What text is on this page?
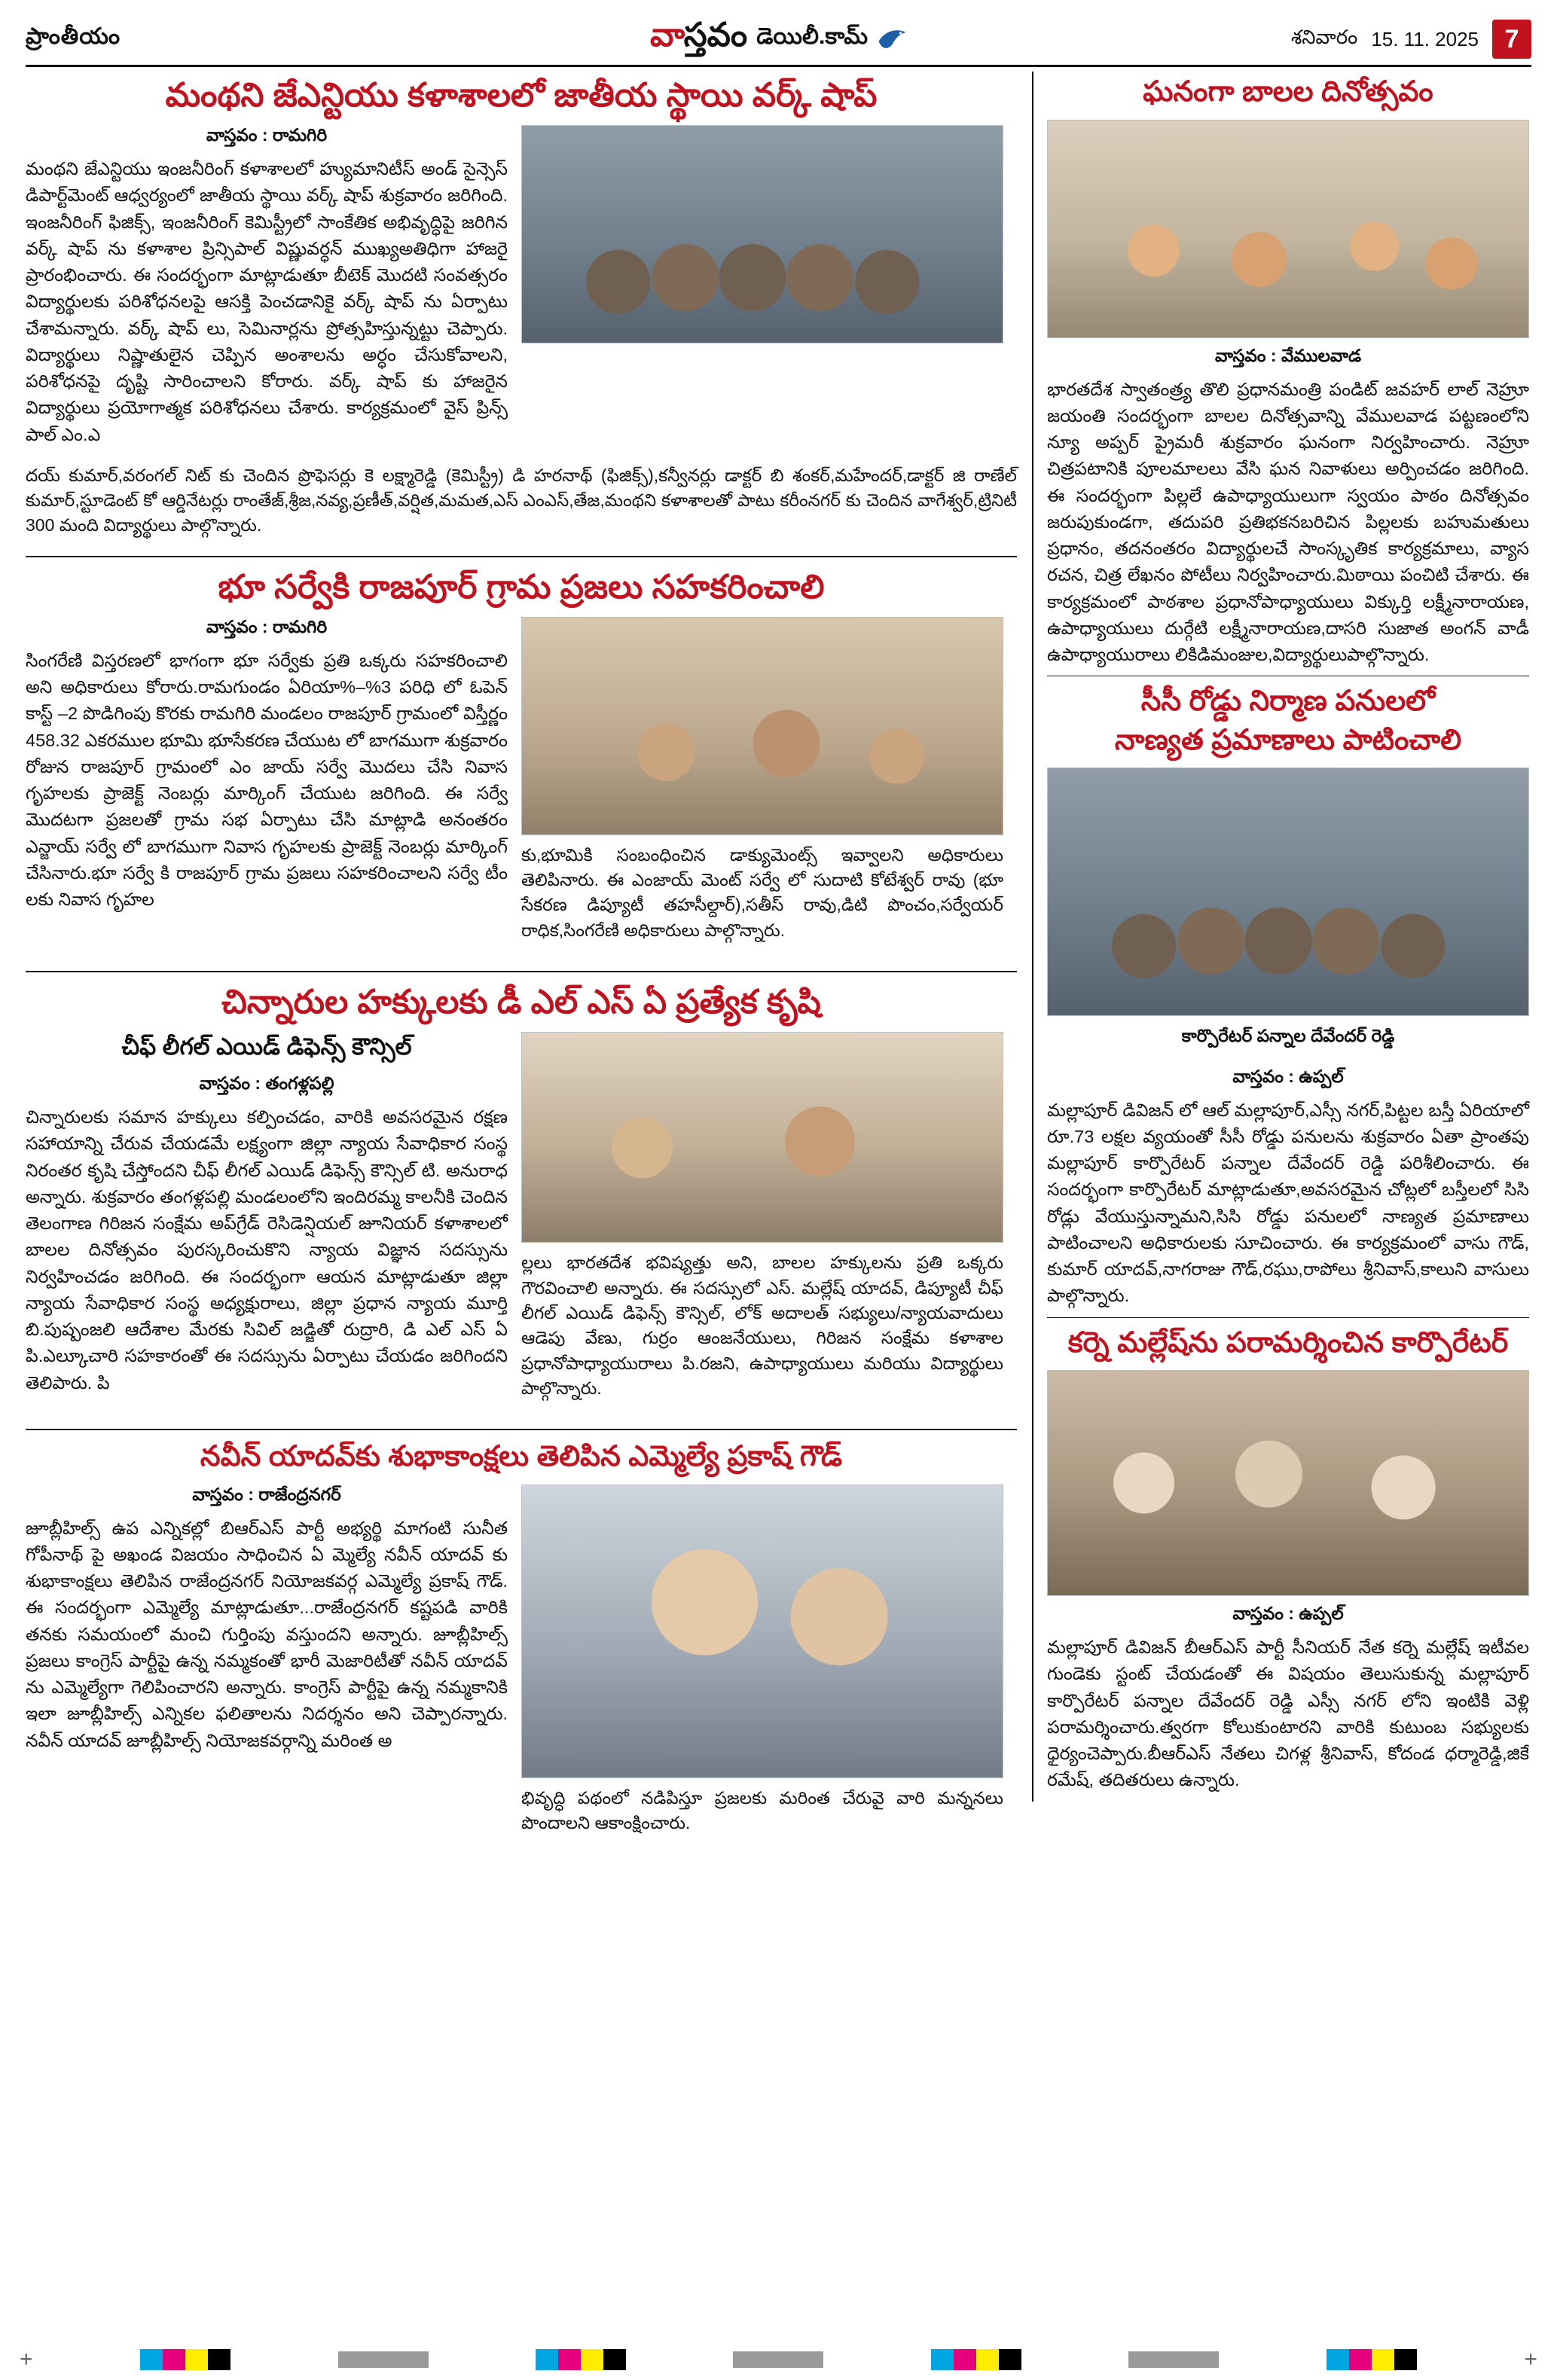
ప్రాంతీయం	వాస్తవం డెయిలీ.కామ్	శనివారం 15. 11. 2025	7
మంథని జేఎన్టియు కళాశాలలో జాతీయ స్థాయి వర్క్ షాప్
వాస్తవం : రామగిరి

మంథని జేఎన్టియు ఇంజనీరింగ్ కళాశాలలో హ్యుమానిటీస్ అండ్ సైన్సెస్ డిపార్ట్‌మెంట్ ఆధ్వర్యంలో జాతీయ స్థాయి వర్క్ షాప్ శుక్రవారం జరిగింది. ఇంజనీరింగ్ ఫిజిక్స్, ఇంజనీరింగ్ కెమిస్ట్రీలో సాంకేతిక అభివృద్ధిపై జరిగిన వర్క్ షాప్ ను కళాశాల ప్రిన్సిపాల్ విష్ణువర్ధన్ ముఖ్యఅతిధిగా హాజరై ప్రారంభించారు. ఈ సందర్భంగా మాట్లాడుతూ బీటెక్ మొదటి సంవత్సరం విద్యార్థులకు పరిశోధనలపై ఆసక్తి పెంచడానికై వర్క్ షాప్ ను ఏర్పాటు చేశామన్నారు. వర్క్ షాప్ లు, సెమినార్లను ప్రోత్సహిస్తున్నట్టు చెప్పారు. విద్యార్థులు నిష్ణాతులైన చెప్పిన అంశాలను అర్ధం చేసుకోవాలని, పరిశోధనపై దృష్టి సారించాలని కోరారు. వర్క్ షాప్ కు హాజరైన విద్యార్థులు ప్రయోగాత్మక పరిశోధనలు చేశారు. కార్యక్రమంలో వైస్ ప్రిన్స్ పాల్ ఎం.ఎ

దయ్ కుమార్,వరంగల్ నిట్ కు చెందిన ప్రొఫెసర్లు కె లక్ష్మారెడ్డి (కెమిస్ట్రీ) డి హరనాథ్ (ఫిజిక్స్),కన్వీనర్లు డాక్టర్ బి శంకర్,మహేందర్,డాక్టర్ జి రాణేల్ కుమార్,స్టూడెంట్ కో ఆర్డినేటర్లు రాంతేజ్,శ్రీజ,నవ్య,ప్రణీత్,వర్షిత,మమత,ఎస్ ఎంఎస్,తేజ,మంథని కళాశాలతో పాటు కరీంనగర్ కు చెందిన వాగేశ్వర్,ట్రినిటీ 300 మంది విద్యార్థులు పాల్గొన్నారు.

భూ సర్వేకి రాజపూర్ గ్రామ ప్రజలు సహకరించాలి
వాస్తవం : రామగిరి

సింగరేణి విస్తరణలో భాగంగా భూ సర్వేకు ప్రతి ఒక్కరు సహకరించాలి అని అధికారులు కోరారు.రామగుండం ఏరియా%–%3 పరిధి లో ఓపెన్ కాస్ట్ –2 పొడిగింపు కొరకు రామగిరి మండలం రాజపూర్ గ్రామంలో విస్తీర్ణం 458.32 ఎకరముల భూమి భూసేకరణ చేయుట లో బాగముగా శుక్రవారం రోజున రాజపూర్ గ్రామంలో ఎం జాయ్ సర్వే మొదలు చేసి నివాస గృహలకు ప్రాజెక్ట్ నెంబర్లు మార్కింగ్ చేయుట జరిగింది. ఈ సర్వే మొదటగా ప్రజలతో గ్రామ సభ ఏర్పాటు చేసి మాట్లాడి అనంతరం ఎన్జాయ్ సర్వే లో బాగముగా నివాస గృహలకు ప్రాజెక్ట్ నెంబర్లు మార్కింగ్ చేసినారు.భూ సర్వే కి రాజపూర్ గ్రామ ప్రజలు సహకరించాలని సర్వే టీం లకు నివాస గృహల

కు,భూమికి సంబంధించిన డాక్యుమెంట్స్ ఇవ్వాలని అధికారులు తెలిపినారు. ఈ ఎంజాయ్ మెంట్ సర్వే లో సుదాటి కోటేశ్వర్ రావు (భూ సేకరణ డిప్యూటీ తహసీల్దార్),సతీస్ రావు,డిటి పొంచం,సర్వేయర్ రాధిక,సింగరేణి అధికారులు పాల్గొన్నారు.

చిన్నారుల హక్కులకు డీ ఎల్ ఎస్ ఏ ప్రత్యేక కృషి
చీఫ్ లీగల్ ఎయిడ్ డిఫెన్స్ కౌన్సిల్
వాస్తవం : తంగళ్లపల్లి

చిన్నారులకు సమాన హక్కులు కల్పించడం, వారికి అవసరమైన రక్షణ సహాయాన్ని చేరువ చేయడమే లక్ష్యంగా జిల్లా న్యాయ సేవాధికార సంస్థ నిరంతర కృషి చేస్తోందని చీఫ్ లీగల్ ఎయిడ్ డిఫెన్స్ కౌన్సిల్ టి. అనురాధ అన్నారు. శుక్రవారం తంగళ్లపల్లి మండలంలోని ఇందిరమ్మ కాలనీకి చెందిన తెలంగాణ గిరిజన సంక్షేమ అప్‌గ్రేడ్ రెసిడెన్షియల్ జూనియర్ కళాశాలలో బాలల దినోత్సవం పురస్కరించుకొని న్యాయ విజ్ఞాన సదస్సును నిర్వహించడం జరిగింది. ఈ సందర్భంగా ఆయన మాట్లాడుతూ జిల్లా న్యాయ సేవాధికార సంస్థ అధ్యక్షురాలు, జిల్లా ప్రధాన న్యాయ మూర్తి బి.పుష్పంజలి ఆదేశాల మేరకు సివిల్ జడ్జితో రుద్రారి, డి ఎల్ ఎస్ ఏ పి.ఎల్కూచారి సహకారంతో ఈ సదస్సును ఏర్పాటు చేయడం జరిగిందని తెలిపారు. పి

ల్లలు భారతదేశ భవిష్యత్తు అని, బాలల హక్కులను ప్రతి ఒక్కరు గౌరవించాలి అన్నారు. ఈ సదస్సులో ఎస్. మల్లేష్ యాదవ్, డిప్యూటీ చీఫ్ లీగల్ ఎయిడ్ డిఫెన్స్ కౌన్సిల్, లోక్ అదాలత్ సభ్యులు/న్యాయవాదులు ఆడెపు వేణు, గుర్రం ఆంజనేయులు, గిరిజన సంక్షేమ కళాశాల ప్రధానోపాధ్యాయురాలు పి.రజని, ఉపాధ్యాయులు మరియు విద్యార్థులు పాల్గొన్నారు.

నవీన్ యాదవ్‌కు శుభాకాంక్షలు తెలిపిన ఎమ్మెల్యే ప్రకాష్ గౌడ్
వాస్తవం : రాజేంద్రనగర్

జూబ్లీహిల్స్ ఉప ఎన్నికల్లో బిఆర్ఎస్ పార్టీ అభ్యర్థి మాగంటి సునీత గోపీనాథ్ పై అఖండ విజయం సాధించిన ఏ మ్మెల్యే నవీన్ యాదవ్ కు శుభాకాంక్షలు తెలిపిన రాజేంద్రనగర్ నియోజకవర్గ ఎమ్మెల్యే ప్రకాష్ గౌడ్. ఈ సందర్భంగా ఎమ్మెల్యే మాట్లాడుతూ...రాజేంద్రనగర్ కష్టపడి వారికి తనకు సమయంలో మంచి గుర్తింపు వస్తుందని అన్నారు. జూబ్లీహిల్స్ ప్రజలు కాంగ్రెస్ పార్టీపై ఉన్న నమ్మకంతో భారీ మెజారిటీతో నవీన్ యాదవ్ ను ఎమ్మెల్యేగా గెలిపించారని అన్నారు. కాంగ్రెస్ పార్టీపై ఉన్న నమ్మకానికి ఇలా జూబ్లీహిల్స్ ఎన్నికల ఫలితాలను నిదర్శనం అని చెప్పారన్నారు. నవీన్ యాదవ్ జూబ్లీహిల్స్ నియోజకవర్గాన్ని మరింత అ

భివృద్ధి పథంలో నడిపిస్తూ ప్రజలకు మరింత చేరువై వారి మన్ననలు పొందాలని ఆకాంక్షించారు.

ఘనంగా బాలల దినోత్సవం
వాస్తవం : వేములవాడ

భారతదేశ స్వాతంత్ర్య తొలి ప్రధానమంత్రి పండిట్ జవహర్ లాల్ నెహ్రూ జయంతి సందర్భంగా బాలల దినోత్సవాన్ని వేములవాడ పట్టణంలోని న్యూ అప్పర్ ప్రైమరీ శుక్రవారం ఘనంగా నిర్వహించారు. నెహ్రూ చిత్రపటానికి పూలమాలలు వేసి ఘన నివాళులు అర్పించడం జరిగింది. ఈ సందర్భంగా పిల్లలే ఉపాధ్యాయులుగా స్వయం పాఠం దినోత్సవం జరుపుకుండగా, తదుపరి ప్రతిభకనబరిచిన పిల్లలకు బహుమతులు ప్రధానం, తదనంతరం విద్యార్థులచే సాంస్కృతిక కార్యక్రమాలు, వ్యాస రచన, చిత్ర లేఖనం పోటీలు నిర్వహించారు.మిఠాయి పంచిటి చేశారు. ఈ కార్యక్రమంలో పాఠశాల ప్రధానోపాధ్యాయులు విక్కుర్తి లక్ష్మీనారాయణ, ఉపాధ్యాయులు దుర్గేటి లక్ష్మీనారాయణ,దాసరి సుజాత అంగన్ వాడీ ఉపాధ్యాయురాలు లికిడిమంజుల,విద్యార్థులుపాల్గొన్నారు.

సీసీ రోడ్డు నిర్మాణ పనులలో
నాణ్యత ప్రమాణాలు పాటించాలి

కార్పొరేటర్ పన్నాల దేవేందర్ రెడ్డి

వాస్తవం : ఉప్పల్

మల్లాపూర్ డివిజన్ లో ఆల్ మల్లాపూర్,ఎస్సీ నగర్,పిట్టల బస్తీ ఏరియాలో రూ.73 లక్షల వ్యయంతో సీసీ రోడ్డు పనులను శుక్రవారం ఏతా ప్రాంతపు మల్లాపూర్ కార్పొరేటర్ పన్నాల దేవేందర్ రెడ్డి పరిశీలించారు. ఈ సందర్భంగా కార్పొరేటర్ మాట్లాడుతూ,అవసరమైన చోట్లలో బస్తీలలో సిసి రోడ్లు వేయుస్తున్నామని,సిసి రోడ్డు పనులలో నాణ్యత ప్రమాణాలు పాటించాలని అధికారులకు సూచించారు. ఈ కార్యక్రమంలో వాసు గౌడ్, కుమార్ యాదవ్,నాగరాజు గౌడ్,రఘు,రాపోలు శ్రీనివాస్,కాలుని వాసులు పాల్గొన్నారు.

కర్నె మల్లేష్‌ను పరామర్శించిన కార్పొరేటర్
వాస్తవం : ఉప్పల్

మల్లాపూర్ డివిజన్ బీఆర్ఎస్ పార్టీ సీనియర్ నేత కర్నె మల్లేష్ ఇటీవల గుండెకు స్టంట్ చేయడంతో ఈ విషయం తెలుసుకున్న మల్లాపూర్ కార్పొరేటర్ పన్నాల దేవేందర్ రెడ్డి ఎస్సీ నగర్ లోని ఇంటికి వెళ్లి పరామర్శించారు.త్వరగా కోలుకుంటారని వారికి కుటుంబ సభ్యులకు ధైర్యంచెప్పారు.బీఆర్ఎస్ నేతలు చిగళ్ల శ్రీనివాస్, కోదండ ధర్మారెడ్డి,జికే రమేష్, తదితరులు ఉన్నారు.

+	+
